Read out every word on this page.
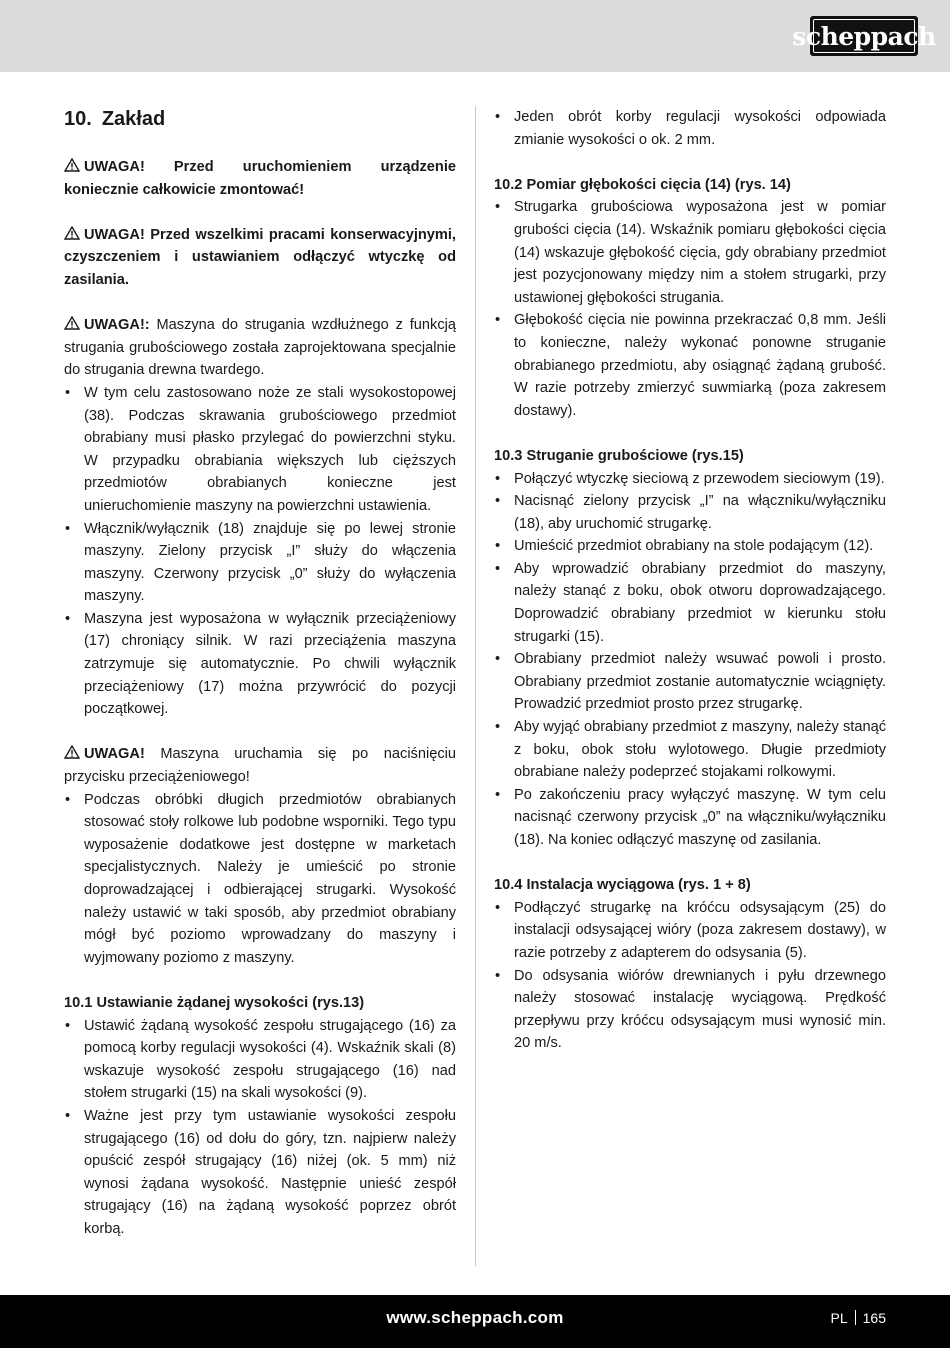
scheppach
10. Zakład

UWAGA! Przed uruchomieniem urządzenie koniecznie całkowicie zmontować!

UWAGA! Przed wszelkimi pracami konserwacyjnymi, czyszczeniem i ustawianiem odłączyć wtyczkę od zasilania.

UWAGA!: Maszyna do strugania wzdłużnego z funkcją strugania grubościowego została zaprojektowana specjalnie do strugania drewna twardego.

• W tym celu zastosowano noże ze stali wysokostopowej (38). Podczas skrawania grubościowego przedmiot obrabiany musi płasko przylegać do powierzchni styku. W przypadku obrabiania większych lub cięższych przedmiotów obrabianych konieczne jest unieruchomienie maszyny na powierzchni ustawienia.
• Włącznik/wyłącznik (18) znajduje się po lewej stronie maszyny. Zielony przycisk „I” służy do włączenia maszyny. Czerwony przycisk „0” służy do wyłączenia maszyny.
• Maszyna jest wyposażona w wyłącznik przeciążeniowy (17) chroniący silnik. W razi przeciążenia maszyna zatrzymuje się automatycznie. Po chwili wyłącznik przeciążeniowy (17) można przywrócić do pozycji początkowej.

UWAGA! Maszyna uruchamia się po naciśnięciu przycisku przeciążeniowego!

• Podczas obróbki długich przedmiotów obrabianych stosować stoły rolkowe lub podobne wsporniki. Tego typu wyposażenie dodatkowe jest dostępne w marketach specjalistycznych. Należy je umieścić po stronie doprowadzającej i odbierającej strugarki. Wysokość należy ustawić w taki sposób, aby przedmiot obrabiany mógł być poziomo wprowadzany do maszyny i wyjmowany poziomo z maszyny.
10.1 Ustawianie żądanej wysokości (rys.13)
• Ustawić żądaną wysokość zespołu strugającego (16) za pomocą korby regulacji wysokości (4). Wskaźnik skali (8) wskazuje wysokość zespołu strugającego (16) nad stołem strugarki (15) na skali wysokości (9).
• Ważne jest przy tym ustawianie wysokości zespołu strugającego (16) od dołu do góry, tzn. najpierw należy opuścić zespół strugający (16) niżej (ok. 5 mm) niż wynosi żądana wysokość. Następnie unieść zespół strugający (16) na żądaną wysokość poprzez obrót korbą.
• Jeden obrót korby regulacji wysokości odpowiada zmianie wysokości o ok. 2 mm.
10.2 Pomiar głębokości cięcia (14) (rys. 14)
• Strugarka grubościowa wyposażona jest w pomiar grubości cięcia (14). Wskaźnik pomiaru głębokości cięcia (14) wskazuje głębokość cięcia, gdy obrabiany przedmiot jest pozycjonowany między nim a stołem strugarki, przy ustawionej głębokości strugania.
• Głębokość cięcia nie powinna przekraczać 0,8 mm. Jeśli to konieczne, należy wykonać ponowne struganie obrabianego przedmiotu, aby osiągnąć żądaną grubość. W razie potrzeby zmierzyć suwmiarką (poza zakresem dostawy).
10.3 Struganie grubościowe (rys.15)
• Połączyć wtyczkę sieciową z przewodem sieciowym (19).
• Nacisnąć zielony przycisk „I” na włączniku/wyłączniku (18), aby uruchomić strugarkę.
• Umieścić przedmiot obrabiany na stole podającym (12).
• Aby wprowadzić obrabiany przedmiot do maszyny, należy stanąć z boku, obok otworu doprowadzającego. Doprowadzić obrabiany przedmiot w kierunku stołu strugarki (15).
• Obrabiany przedmiot należy wsuwać powoli i prosto. Obrabiany przedmiot zostanie automatycznie wciągnięty. Prowadzić przedmiot prosto przez strugarkę.
• Aby wyjąć obrabiany przedmiot z maszyny, należy stanąć z boku, obok stołu wylotowego. Długie przedmioty obrabiane należy podeprzeć stojakami rolkowymi.
• Po zakończeniu pracy wyłączyć maszynę. W tym celu nacisnąć czerwony przycisk „0” na włączniku/wyłączniku (18). Na koniec odłączyć maszynę od zasilania.
10.4 Instalacja wyciągowa (rys. 1 + 8)
• Podłączyć strugarkę na króćcu odsysającym (25) do instalacji odsysającej wióry (poza zakresem dostawy), w razie potrzeby z adapterem do odsysania (5).
• Do odsysania wiórów drewnianych i pyłu drzewnego należy stosować instalację wyciągową. Prędkość przepływu przy króćcu odsysającym musi wynosić min. 20 m/s.
www.scheppach.com	PL 165
